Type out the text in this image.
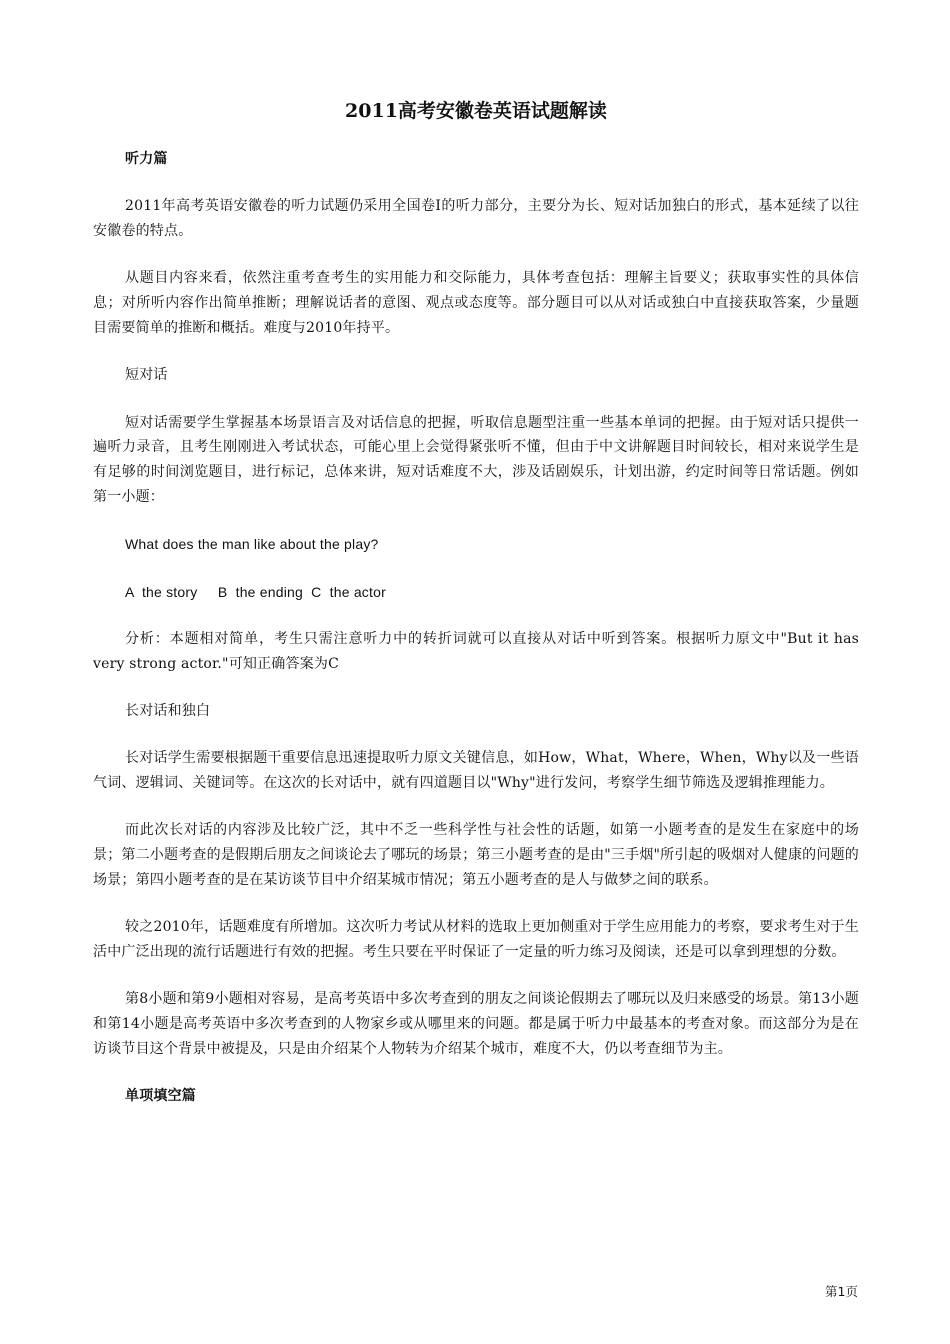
2011高考安徽卷英语试题解读

听力篇

2011年高考英语安徽卷的听力试题仍采用全国卷I的听力部分，主要分为长、短对话加独白的形式，基本延续了以往安徽卷的特点。

从题目内容来看，依然注重考查考生的实用能力和交际能力，具体考查包括：理解主旨要义；获取事实性的具体信息；对所听内容作出简单推断；理解说话者的意图、观点或态度等。部分题目可以从对话或独白中直接获取答案，少量题目需要简单的推断和概括。难度与2010年持平。

短对话

短对话需要学生掌握基本场景语言及对话信息的把握，听取信息题型注重一些基本单词的把握。由于短对话只提供一遍听力录音，且考生刚刚进入考试状态，可能心里上会觉得紧张听不懂，但由于中文讲解题目时间较长，相对来说学生是有足够的时间浏览题目，进行标记，总体来讲，短对话难度不大，涉及话剧娱乐，计划出游，约定时间等日常话题。例如第一小题：

What does the man like about the play?

A  the story     B  the ending  C  the actor

分析：本题相对简单，考生只需注意听力中的转折词就可以直接从对话中听到答案。根据听力原文中"But it has very strong actor."可知正确答案为C

长对话和独白

长对话学生需要根据题干重要信息迅速提取听力原文关键信息，如How，What，Where，When，Why以及一些语气词、逻辑词、关键词等。在这次的长对话中，就有四道题目以"Why"进行发问，考察学生细节筛选及逻辑推理能力。

而此次长对话的内容涉及比较广泛，其中不乏一些科学性与社会性的话题，如第一小题考查的是发生在家庭中的场景；第二小题考查的是假期后朋友之间谈论去了哪玩的场景；第三小题考查的是由"三手烟"所引起的吸烟对人健康的问题的场景；第四小题考查的是在某访谈节目中介绍某城市情况；第五小题考查的是人与做梦之间的联系。

较之2010年，话题难度有所增加。这次听力考试从材料的选取上更加侧重对于学生应用能力的考察，要求考生对于生活中广泛出现的流行话题进行有效的把握。考生只要在平时保证了一定量的听力练习及阅读，还是可以拿到理想的分数。

第8小题和第9小题相对容易，是高考英语中多次考查到的朋友之间谈论假期去了哪玩以及归来感受的场景。第13小题和第14小题是高考英语中多次考查到的人物家乡或从哪里来的问题。都是属于听力中最基本的考查对象。而这部分为是在访谈节目这个背景中被提及，只是由介绍某个人物转为介绍某个城市，难度不大，仍以考查细节为主。

单项填空篇

第1页
